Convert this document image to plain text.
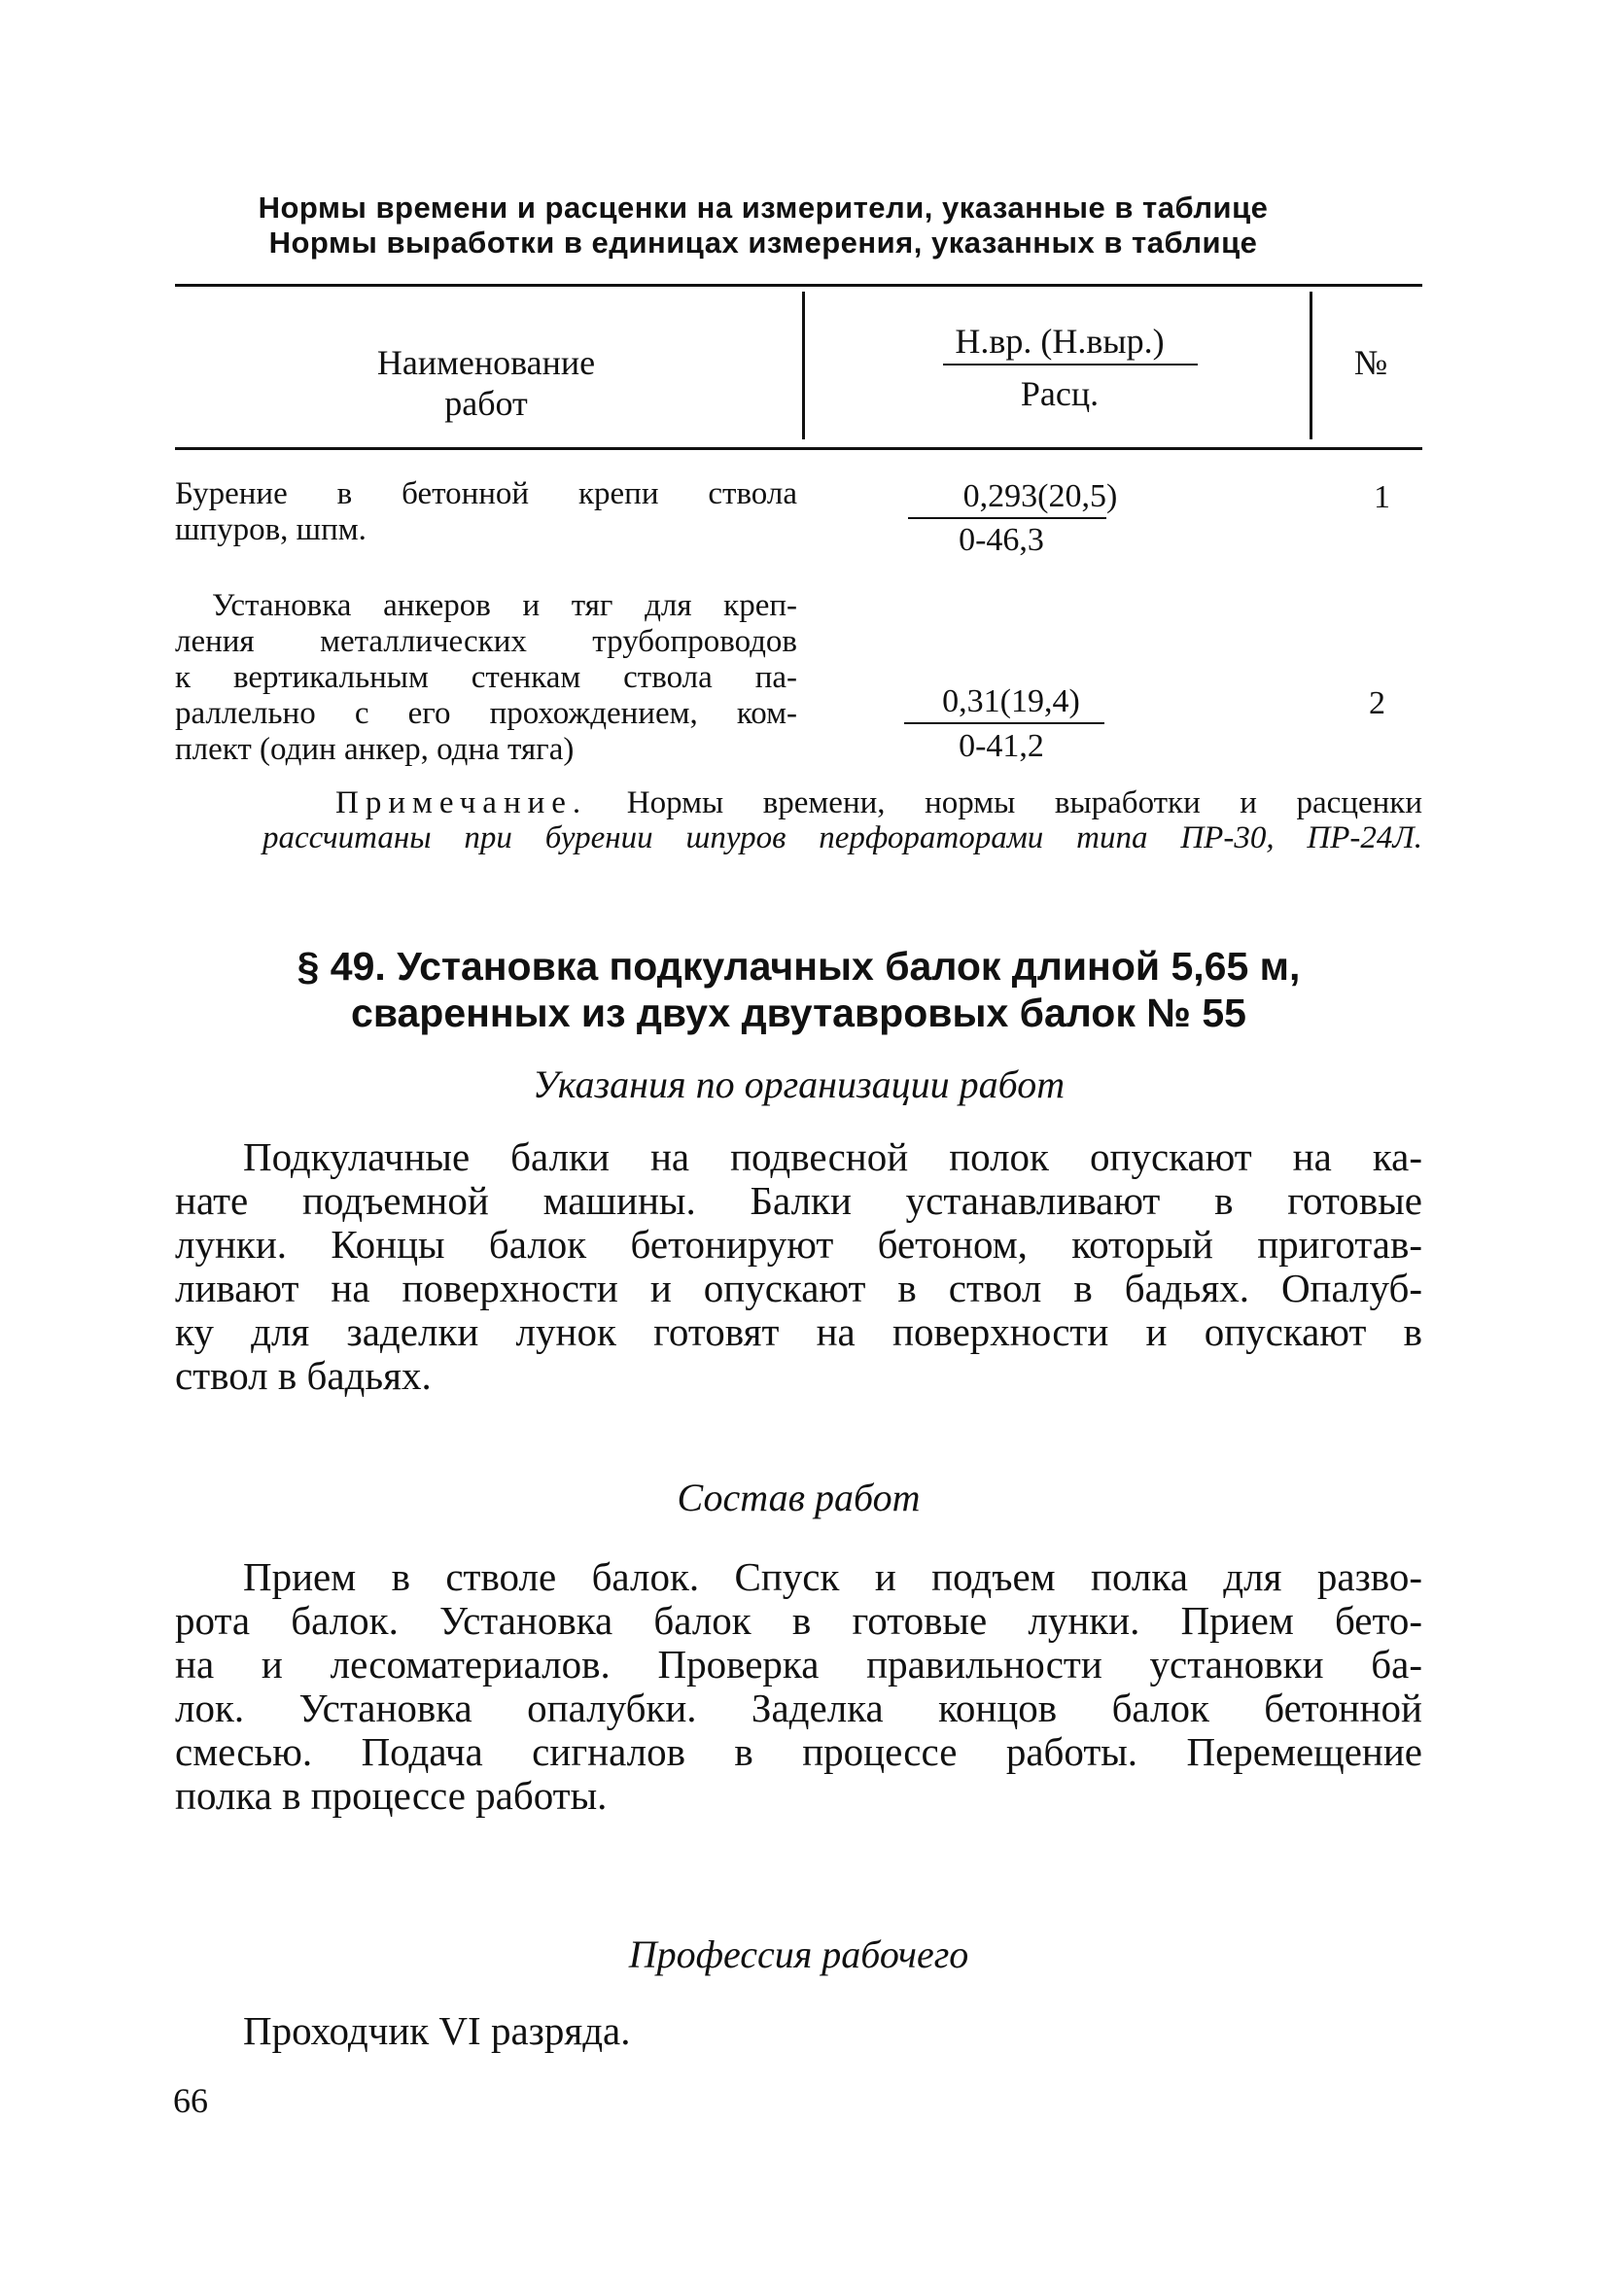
Нормы времени и расценки на измерители, указанные в таблице
Нормы выработки в единицах измерения, указанных в таблице
Наименование
работ
Н.вр. (Н.выр.)
Расц.
№
Бурение в бетонной крепи ствола
шпуров, шпм.
0,293(20,5)
0-46,3
1
Установка анкеров и тяг для креп-
ления металлических трубопроводов
к вертикальным стенкам ствола па-
раллельно с его прохождением, ком-
плект (один анкер, одна тяга)
0,31(19,4)
0-41,2
2
Примечание. Нормы времени, нормы выработки и расценки
рассчитаны при бурении шпуров перфораторами типа ПР-30, ПР-24Л.
§ 49. Установка подкулачных балок длиной 5,65 м,
сваренных из двух двутавровых балок № 55
Указания по организации работ
Подкулачные балки на подвесной полок опускают на ка-
нате подъемной машины. Балки устанавливают в готовые
лунки. Концы балок бетонируют бетоном, который приготав-
ливают на поверхности и опускают в ствол в бадьях. Опалуб-
ку для заделки лунок готовят на поверхности и опускают в
ствол в бадьях.
Состав работ
Прием в стволе балок. Спуск и подъем полка для разво-
рота балок. Установка балок в готовые лунки. Прием бето-
на и лесоматериалов. Проверка правильности установки ба-
лок. Установка опалубки. Заделка концов балок бетонной
смесью. Подача сигналов в процессе работы. Перемещение
полка в процессе работы.
Профессия рабочего
Проходчик VI разряда.
66
